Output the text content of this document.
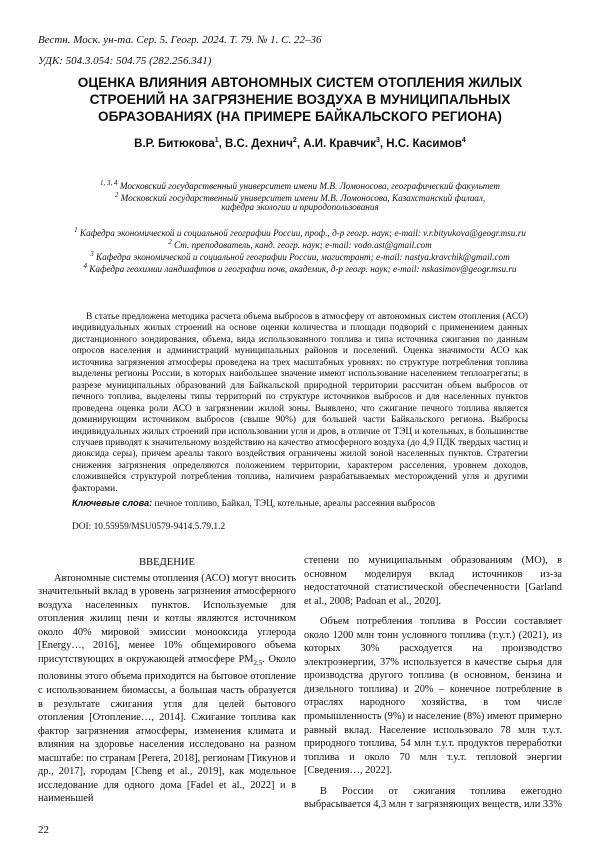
Вестн. Моск. ун-та. Сер. 5. Геогр. 2024. Т. 79. № 1. С. 22–36
УДК: 504.3.054: 504.75 (282.256.341)
ОЦЕНКА ВЛИЯНИЯ АВТОНОМНЫХ СИСТЕМ ОТОПЛЕНИЯ ЖИЛЫХ
СТРОЕНИЙ НА ЗАГРЯЗНЕНИЕ ВОЗДУХА В МУНИЦИПАЛЬНЫХ
ОБРАЗОВАНИЯХ (НА ПРИМЕРЕ БАЙКАЛЬСКОГО РЕГИОНА)
В.Р. Битюкова$^1$, В.С. Дехнич$^2$, А.И. Кравчик$^3$, Н.С. Касимов$^4$
$^{1, 3, 4}$ Московский государственный университет имени М.В. Ломоносова, географический факультет
$^2$ Московский государственный университет имени М.В. Ломоносова, Казахстанский филиал,
кафедра экологии и природопользования
$^1$ Кафедра экономической и социальной географии России, проф., д-р геогр. наук; e-mail: v.r.bityukova@geogr.msu.ru
$^2$ Ст. преподаватель, канд. геогр. наук; e-mail: vodo.ast@gmail.com
$^3$ Кафедра экономической и социальной географии России, магистрант; e-mail: nastya.kravchik@gmail.com
$^4$ Кафедра геохимии ландшафтов и географии почв, академик, д-р геогр. наук; e-mail: nskasimov@geogr.msu.ru
В статье предложена методика расчета объема выбросов в атмосферу от автономных систем отопления (АСО) индивидуальных жилых строений на основе оценки количества и площади подворий с применением данных дистанционного зондирования, объема, вида использованного топлива и типа источника сжигания по данным опросов населения и администраций муниципальных районов и поселений. Оценка значимости АСО как источника загрязнения атмосферы проведена на трех масштабных уровнях: по структуре потребления топлива выделены регионы России, в которых наибольшее значение имеют использование населением теплоагрегаты; в разрезе муниципальных образований для Байкальской природной территории рассчитан объем выбросов от печного топлива, выделены типы территорий по структуре источников выбросов и для населенных пунктов проведена оценка роли АСО в загрязнении жилой зоны. Выявлено, что сжигание печного топлива является доминирующим источником выбросов (свыше 90%) для большей части Байкальского региона. Выбросы индивидуальных жилых строений при использовании угля и дров, в отличие от ТЭЦ и котельных, в большинстве случаев приводят к значительному воздействию на качество атмосферного воздуха (до 4,9 ПДК твердых частиц и диоксида серы), причем ареалы такого воздействия ограничены жилой зоной населенных пунктов. Стратегии снижения загрязнения определяются положением территории, характером расселения, уровнем доходов, сложившейся структурой потребления топлива, наличием разрабатываемых месторождений угля и другими факторами.
Ключевые слова: печное топливо, Байкал, ТЭЦ, котельные, ареалы рассеяния выбросов
DOI: 10.55959/MSU0579-9414.5.79.1.2
ВВЕДЕНИЕ

Автономные системы отопления (АСО) могут вносить значительный вклад в уровень загрязнения атмосферного воздуха населенных пунктов. Используемые для отопления жилищ печи и котлы являются источником около 40% мировой эмиссии монооксида углерода [Energy…, 2016], менее 10% общемирового объема присутствующих в окружающей атмосфере $PM_{2,5}$. Около половины этого объема приходится на бытовое отопление с использованием биомассы, а большая часть образуется в результате сжигания угля для целей бытового отопления [Отопление…, 2014]. Сжигание топлива как фактор загрязнения атмосферы, изменения климата и влияния на здоровье населения исследовано на разном масштабе: по странам [Perera, 2018], регионам [Тикунов и др., 2017], городам [Cheng et al., 2019], как модельное исследование для одного дома [Fadel et al., 2022] и в наименьшей

степени по муниципальным образованиям (МО), в основном моделируя вклад источников из-за недостаточной статистической обеспеченности [Garland et al., 2008; Padoan et al., 2020].

Объем потребления топлива в России составляет около 1200 млн тонн условного топлива (т.у.т.) (2021), из которых 30% расходуется на производство электроэнергии, 37% используется в качестве сырья для производства другого топлива (в основном, бензина и дизельного топлива) и 20% – конечное потребление в отраслях народного хозяйства, в том числе промышленность (9%) и население (8%) имеют примерно равный вклад. Население использовало 78 млн т.у.т. природного топлива, 54 млн т.у.т. продуктов переработки топлива и около 70 млн т.у.т. тепловой энергии [Сведения…, 2022].

В России от сжигания топлива ежегодно выбрасывается 4,3 млн т загрязняющих веществ, или 33%

22
